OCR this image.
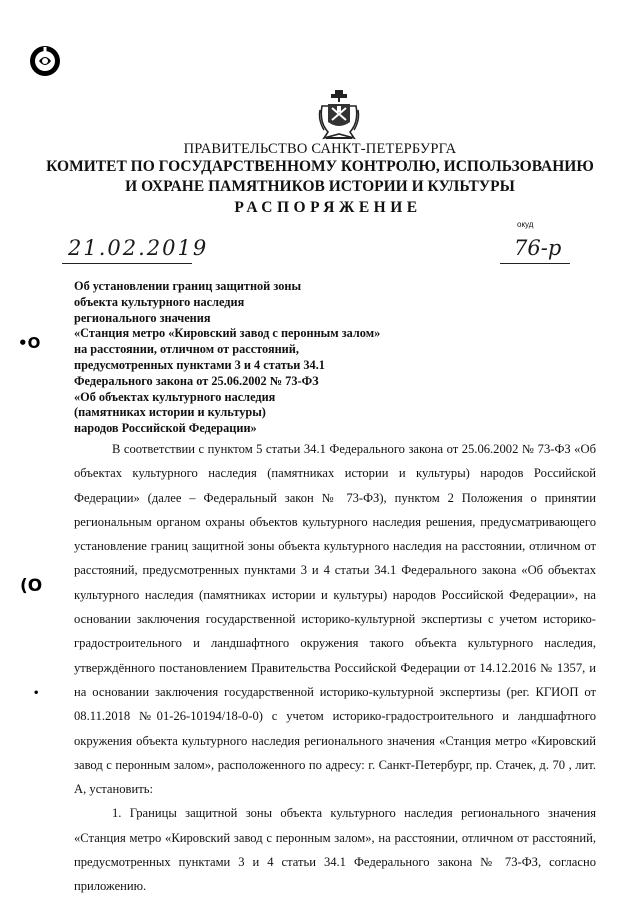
•O
(O
•
ПРАВИТЕЛЬСТВО САНКТ-ПЕТЕРБУРГА
КОМИТЕТ ПО ГОСУДАРСТВЕННОМУ КОНТРОЛЮ, ИСПОЛЬЗОВАНИЮ
И ОХРАНЕ ПАМЯТНИКОВ ИСТОРИИ И КУЛЬТУРЫ
РАСПОРЯЖЕНИЕ
окуд
21.02.2019	76-р
Об установлении границ защитной зоны
объекта культурного наследия
регионального значения
«Станция метро «Кировский завод с перонным залом»
на расстоянии, отличном от расстояний,
предусмотренных пунктами 3 и 4 статьи 34.1
Федерального закона от 25.06.2002 № 73-ФЗ
«Об объектах культурного наследия
(памятниках истории и культуры)
народов Российской Федерации»

В соответствии с пунктом 5 статьи 34.1 Федерального закона от 25.06.2002 № 73-ФЗ «Об объектах культурного наследия (памятниках истории и культуры) народов Российской Федерации» (далее – Федеральный закон № 73-ФЗ), пунктом 2 Положения о принятии региональным органом охраны объектов культурного наследия решения, предусматривающего установление границ защитной зоны объекта культурного наследия на расстоянии, отличном от расстояний, предусмотренных пунктами 3 и 4 статьи 34.1 Федерального закона «Об объектах культурного наследия (памятниках истории и культуры) народов Российской Федерации», на основании заключения государственной историко-культурной экспертизы с учетом историко-градостроительного и ландшафтного окружения такого объекта культурного наследия, утверждённого постановлением Правительства Российской Федерации от 14.12.2016 № 1357, и на основании заключения государственной историко-культурной экспертизы (рег. КГИОП от 08.11.2018 №01-26-10194/18-0-0) с учетом историко-градостроительного и ландшафтного окружения объекта культурного наследия регионального значения «Станция метро «Кировский завод с перонным залом», расположенного по адресу: г. Санкт-Петербург, пр. Стачек, д. 70 , лит. А, установить:

1. Границы защитной зоны объекта культурного наследия регионального значения «Станция метро «Кировский завод с перонным залом», на расстоянии, отличном от расстояний, предусмотренных пунктами 3 и 4 статьи 34.1 Федерального закона № 73-ФЗ, согласно приложению.
